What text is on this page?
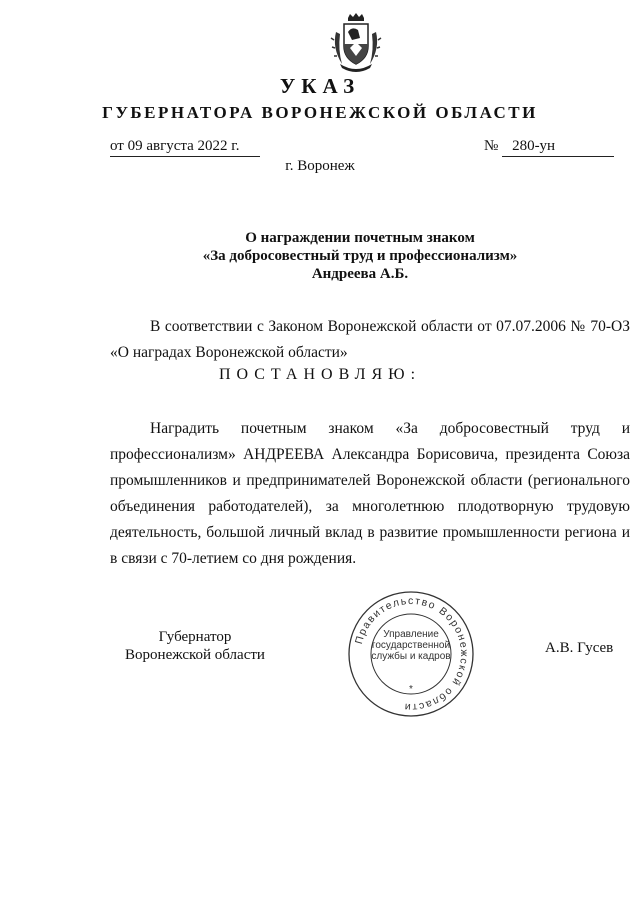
УКАЗ
ГУБЕРНАТОРА ВОРОНЕЖСКОЙ ОБЛАСТИ
от 09 августа 2022 г.	№ 280-ун
г. Воронеж
О награждении почетным знаком
«За добросовестный труд и профессионализм»
Андреева А.Б.
В соответствии с Законом Воронежской области от 07.07.2006 № 70-ОЗ «О наградах Воронежской области»
ПОСТАНОВЛЯЮ:
Наградить почетным знаком «За добросовестный труд и профессионализм» АНДРЕЕВА Александра Борисовича, президента Союза промышленников и предпринимателей Воронежской области (регионального объединения работодателей), за многолетнюю плодотворную трудовую деятельность, большой личный вклад в развитие промышленности региона и в связи с 70-летием со дня рождения.
Губернатор
Воронежской области
Правительство Воронежской области
Управление
государственной
службы и кадров
*
А.В. Гусев
